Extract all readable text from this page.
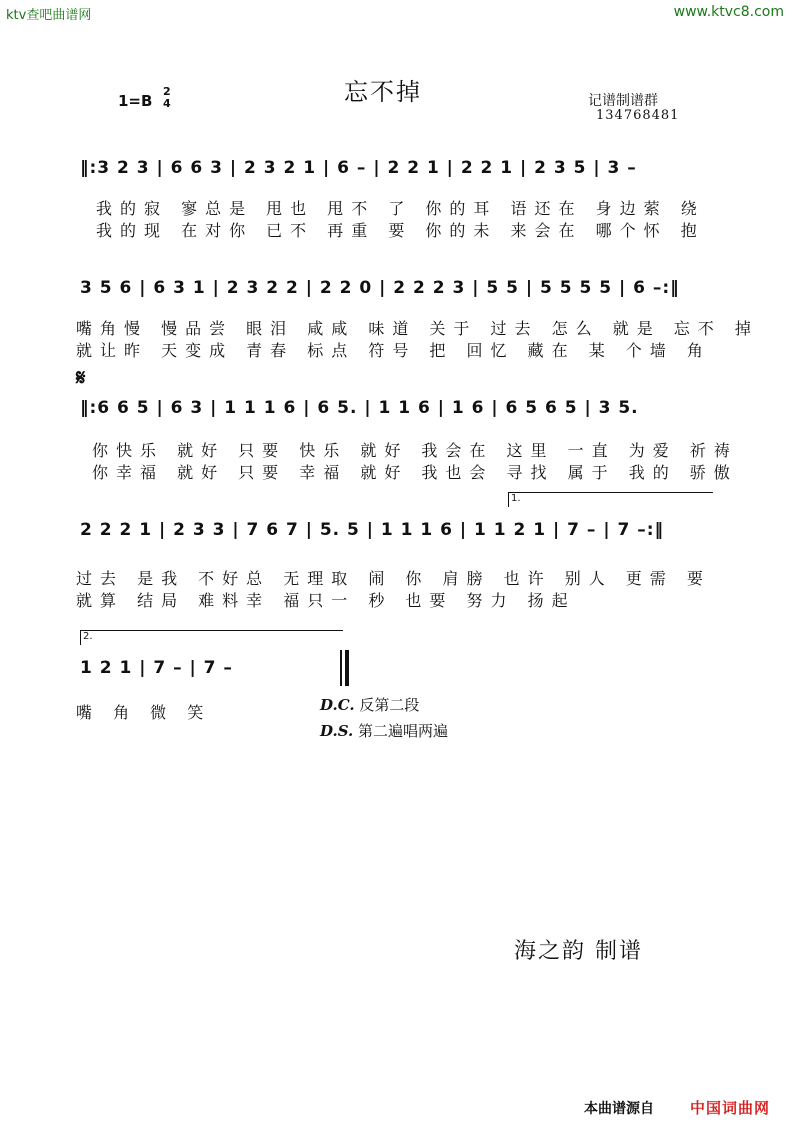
ktv查吧曲谱网	www.ktvc8.com
忘不掉
1=B
2
4	记谱制谱群
134768481
‖:3 2 3 | 6 6 3 | 2 3 2 1 | 6 – | 2 2 1 | 2 2 1 | 2 3 5 | 3 –
我的寂 寥总是 甩也 甩不 了 你的耳 语还在 身边萦 绕
我的现 在对你 已不 再重 要 你的未 来会在 哪个怀 抱
3 5 6 | 6 3 1 | 2 3 2 2 | 2 2 0 | 2 2 2 3 | 5 5 | 5 5 5 5 | 6 –:‖
嘴角慢 慢品尝 眼泪 咸咸 味道 关于 过去 怎么 就是 忘不 掉
就让昨 天变成 青春 标点 符号 把 回忆 藏在 某 个墙 角
𝄋
‖:6 6 5 | 6 3 | 1 1 1 6 | 6 5. | 1 1 6 | 1 6 | 6 5 6 5 | 3 5.
你快乐 就好 只要 快乐 就好 我会在 这里 一直 为爱 祈祷
你幸福 就好 只要 幸福 就好 我也会 寻找 属于 我的 骄傲
1.
2 2 2 1 | 2 3 3 | 7 6 7 | 5. 5 | 1 1 1 6 | 1 1 2 1 | 7 – | 7 –:‖
过去 是我 不好总 无理取 闹 你 肩膀 也许 别人 更需 要
就算 结局 难料幸 福只一 秒 也要 努力 扬起
2.
1 2 1 | 7 – | 7 –
嘴 角 微 笑	D.C. 反第二段
D.S. 第二遍唱两遍
海之韵 制谱
本曲谱源自 中国词曲网
